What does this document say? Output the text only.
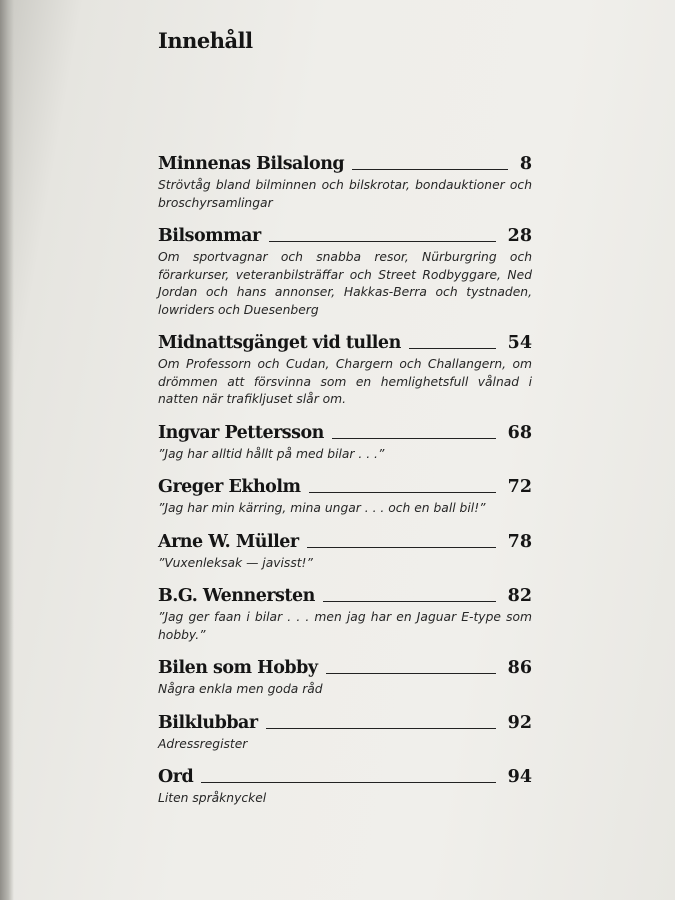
Innehåll
Minnenas Bilsalong	8

Strövtåg bland bilminnen och bilskrotar, bondauktioner och broschyrsamlingar

Bilsommar	28

Om sportvagnar och snabba resor, Nürburgring och förarkurser, veteranbilsträffar och Street Rodbyggare, Ned Jordan och hans annonser, Hakkas-Berra och tystnaden, lowriders och Duesenberg

Midnattsgänget vid tullen	54

Om Professorn och Cudan, Chargern och Challangern, om drömmen att försvinna som en hemlighetsfull vålnad i natten när trafikljuset slår om.

Ingvar Pettersson	68

”Jag har alltid hållt på med bilar . . .”

Greger Ekholm	72

”Jag har min kärring, mina ungar . . . och en ball bil!”

Arne W. Müller	78

”Vuxenleksak — javisst!”

B.G. Wennersten	82

”Jag ger faan i bilar . . . men jag har en Jaguar E-type som hobby.”

Bilen som Hobby	86

Några enkla men goda råd

Bilklubbar	92

Adressregister

Ord	94

Liten språknyckel
